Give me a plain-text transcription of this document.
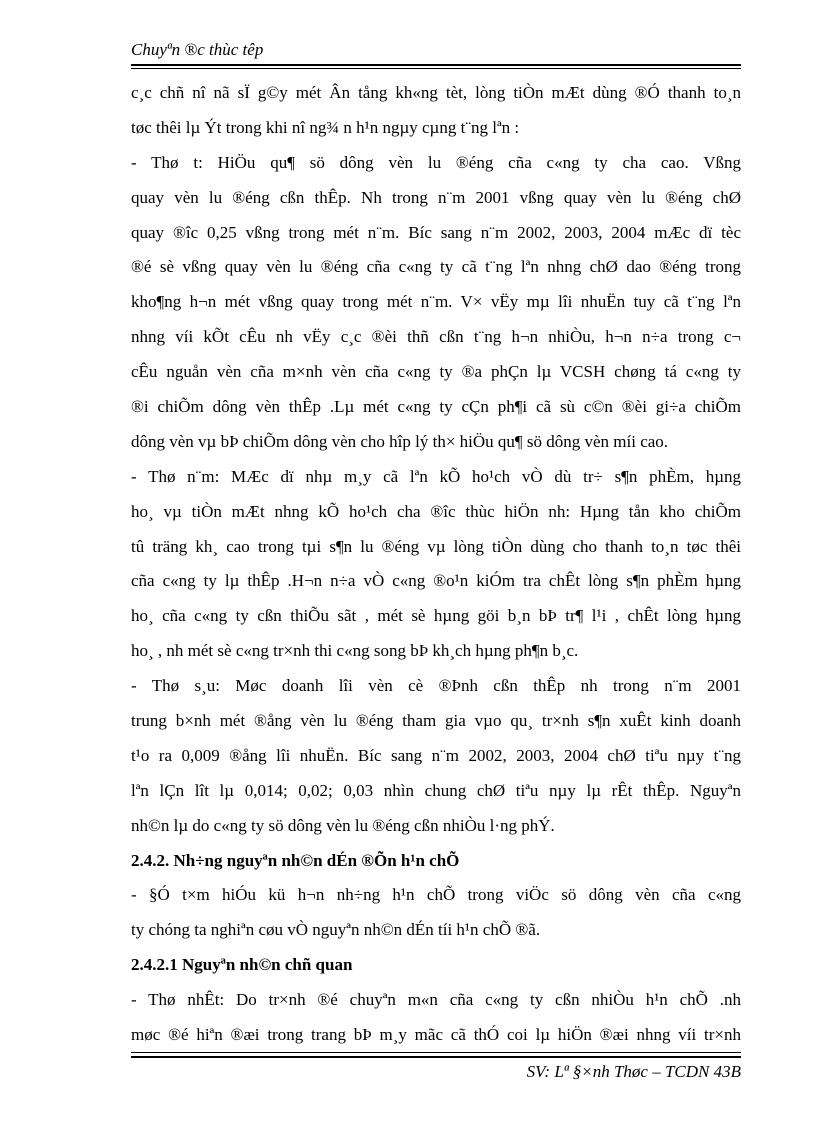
Chuyªn ®c thùc têp
c¸c chñ nî nã sÏ g©y mét Ân tång kh«ng tèt, lòng tiÒn mÆt dùng ®Ó thanh to¸n
tøc thêi lµ Ýt trong khi nî ng¾ n h¹n ngµy cµng t¨ng lªn :
- Thø t: HiÖu qu¶ sö dông vèn lu ®éng cña c«ng ty cha cao. Vßng
quay vèn lu ®éng cßn thÊp. Nh trong n¨m 2001 vßng quay vèn lu ®éng chØ
quay ®îc 0,25 vßng trong mét n¨m. Bíc sang n¨m 2002, 2003, 2004 mÆc dï tèc
®é sè vßng quay vèn lu ®éng cña c«ng ty cã t¨ng lªn nhng chØ dao ®éng trong
kho¶ng h¬n mét vßng quay trong mét n¨m. V× vËy mµ lîi nhuËn tuy cã t¨ng lªn
nhng víi kÕt cÊu nh vËy c¸c ®èi thñ cßn t¨ng h¬n nhiÒu, h¬n n÷a trong c¬
cÊu nguån vèn cña m×nh vèn cña c«ng ty ®a phÇn lµ VCSH chøng tá c«ng ty
®i chiÕm dông vèn thÊp .Lµ mét c«ng ty cÇn ph¶i cã sù c©n ®èi gi÷a chiÕm
dông vèn vµ bÞ chiÕm dông vèn cho hîp lý th× hiÖu qu¶ sö dông vèn míi cao.
- Thø n¨m: MÆc dï nhµ m¸y cã lªn kÕ ho¹ch vÒ dù tr÷ s¶n phÈm, hµng
ho¸ vµ tiÒn mÆt nhng kÕ ho¹ch cha ®îc thùc hiÖn nh: Hµng tån kho chiÕm
tû träng kh¸ cao trong tµi s¶n lu ®éng vµ lòng tiÒn dùng cho thanh to¸n tøc thêi
cña c«ng ty lµ thÊp .H¬n n÷a vÒ c«ng ®o¹n kiÓm tra chÊt lòng s¶n phÈm hµng
ho¸ cña c«ng ty cßn thiÕu sãt , mét sè hµng göi b¸n bÞ tr¶ l¹i , chÊt lòng hµng
ho¸ , nh mét sè c«ng tr×nh thi c«ng song bÞ kh¸ch hµng ph¶n b¸c.
- Thø s¸u: Møc doanh lîi vèn cè ®Þnh cßn thÊp nh trong n¨m 2001
trung b×nh mét ®ång vèn lu ®éng tham gia vµo qu¸ tr×nh s¶n xuÊt kinh doanh
t¹o ra 0,009 ®ång lîi nhuËn. Bíc sang n¨m 2002, 2003, 2004 chØ tiªu nµy t¨ng
lªn lÇn lît lµ 0,014; 0,02; 0,03 nhìn chung chØ tiªu nµy lµ rÊt thÊp. Nguyªn
nh©n lµ do c«ng ty sö dông vèn lu ®éng cßn nhiÒu l·ng phÝ.
2.4.2. Nh÷ng nguyªn nh©n dÉn ®Õn h¹n chÕ
- §Ó t×m hiÓu kü h¬n nh÷ng h¹n chÕ trong viÖc sö dông vèn cña c«ng
ty chóng ta nghiªn cøu vÒ nguyªn nh©n dÉn tíi h¹n chÕ ®ã.
2.4.2.1 Nguyªn nh©n chñ quan
- Thø nhÊt: Do tr×nh ®é chuyªn m«n cña c«ng ty cßn nhiÒu h¹n chÕ .nh
møc ®é hiªn ®æi trong trang bÞ m¸y mãc cã thÓ coi lµ hiÖn ®æi nhng víi tr×nh
SV: Lª §×nh Thøc – TCDN 43B
